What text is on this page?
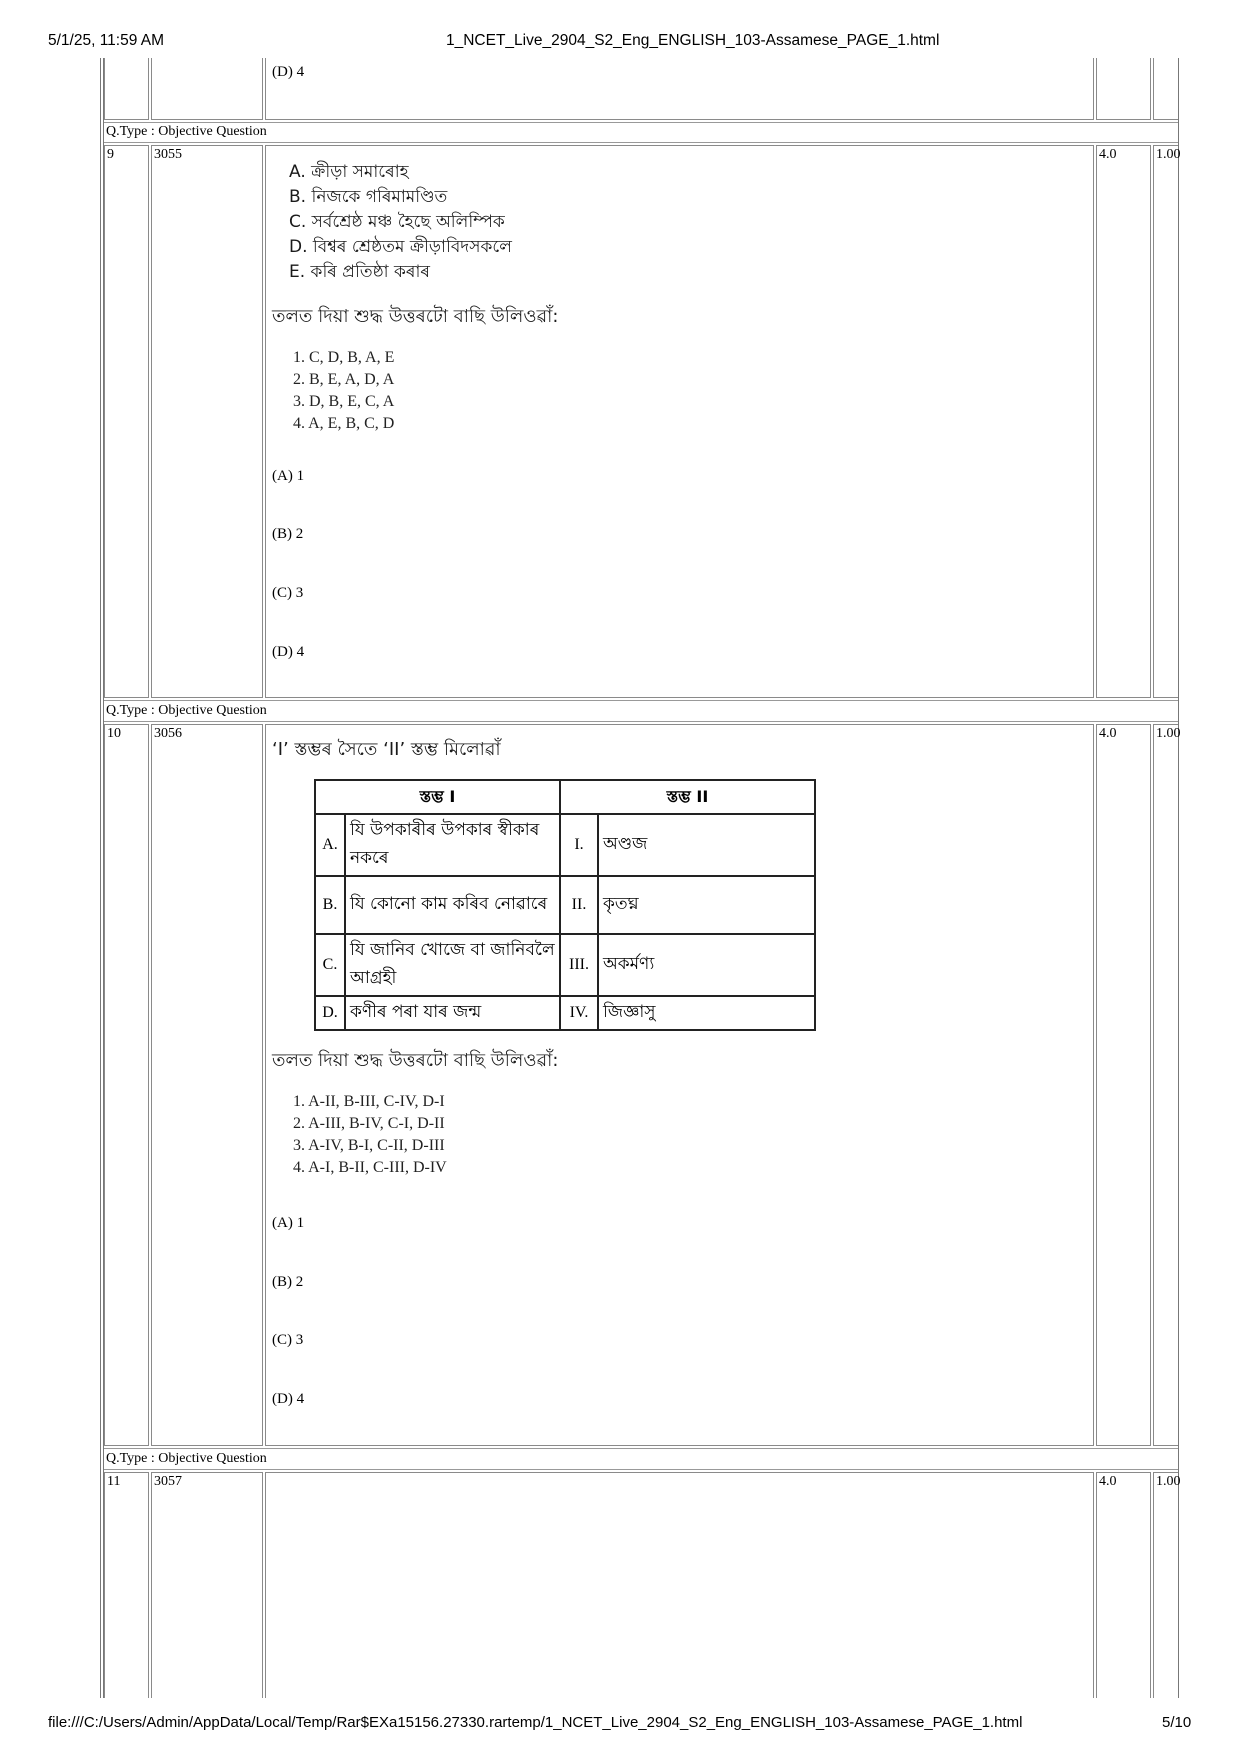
5/1/25, 11:59 AM	1_NCET_Live_2904_S2_Eng_ENGLISH_103-Assamese_PAGE_1.html
(D) 4
Q.Type : Objective Question
9	3055	4.0	1.00
A. ক্ৰীড়া সমাৰোহ
B. নিজকে গৰিমামণ্ডিত
C. সৰ্বশ্ৰেষ্ঠ মঞ্চ হৈছে অলিম্পিক
D. বিশ্বৰ শ্ৰেষ্ঠতম ক্ৰীড়াবিদসকলে
E. কৰি প্ৰতিষ্ঠা কৰাৰ
তলত দিয়া শুদ্ধ উত্তৰটো বাছি উলিওৱাঁ:
1. C, D, B, A, E
2. B, E, A, D, A
3. D, B, E, C, A
4. A, E, B, C, D
(A) 1
(B) 2
(C) 3
(D) 4
Q.Type : Objective Question
10 3056	4.0	1.00
‘I’ স্তম্ভৰ সৈতে ‘II’ স্তম্ভ মিলোৱাঁ
স্তম্ভ I		স্তম্ভ II	
A.	যি উপকাৰীৰ উপকাৰ স্বীকাৰ নকৰে	I.	অণ্ডজ
B.	যি কোনো কাম কৰিব নোৱাৰে	II.	কৃতঘ্ন
C.	যি জানিব খোজে বা জানিবলৈ আগ্ৰহী	III.	অকৰ্মণ্য
D.	কণীৰ পৰা যাৰ জন্ম	IV.	জিজ্ঞাসু
তলত দিয়া শুদ্ধ উত্তৰটো বাছি উলিওৱাঁ:
1. A-II, B-III, C-IV, D-I
2. A-III, B-IV, C-I, D-II
3. A-IV, B-I, C-II, D-III
4. A-I, B-II, C-III, D-IV
(A) 1
(B) 2
(C) 3
(D) 4
Q.Type : Objective Question
11 3057	4.0	1.00
file:///C:/Users/Admin/AppData/Local/Temp/Rar$EXa15156.27330.rartemp/1_NCET_Live_2904_S2_Eng_ENGLISH_103-Assamese_PAGE_1.html	5/10
